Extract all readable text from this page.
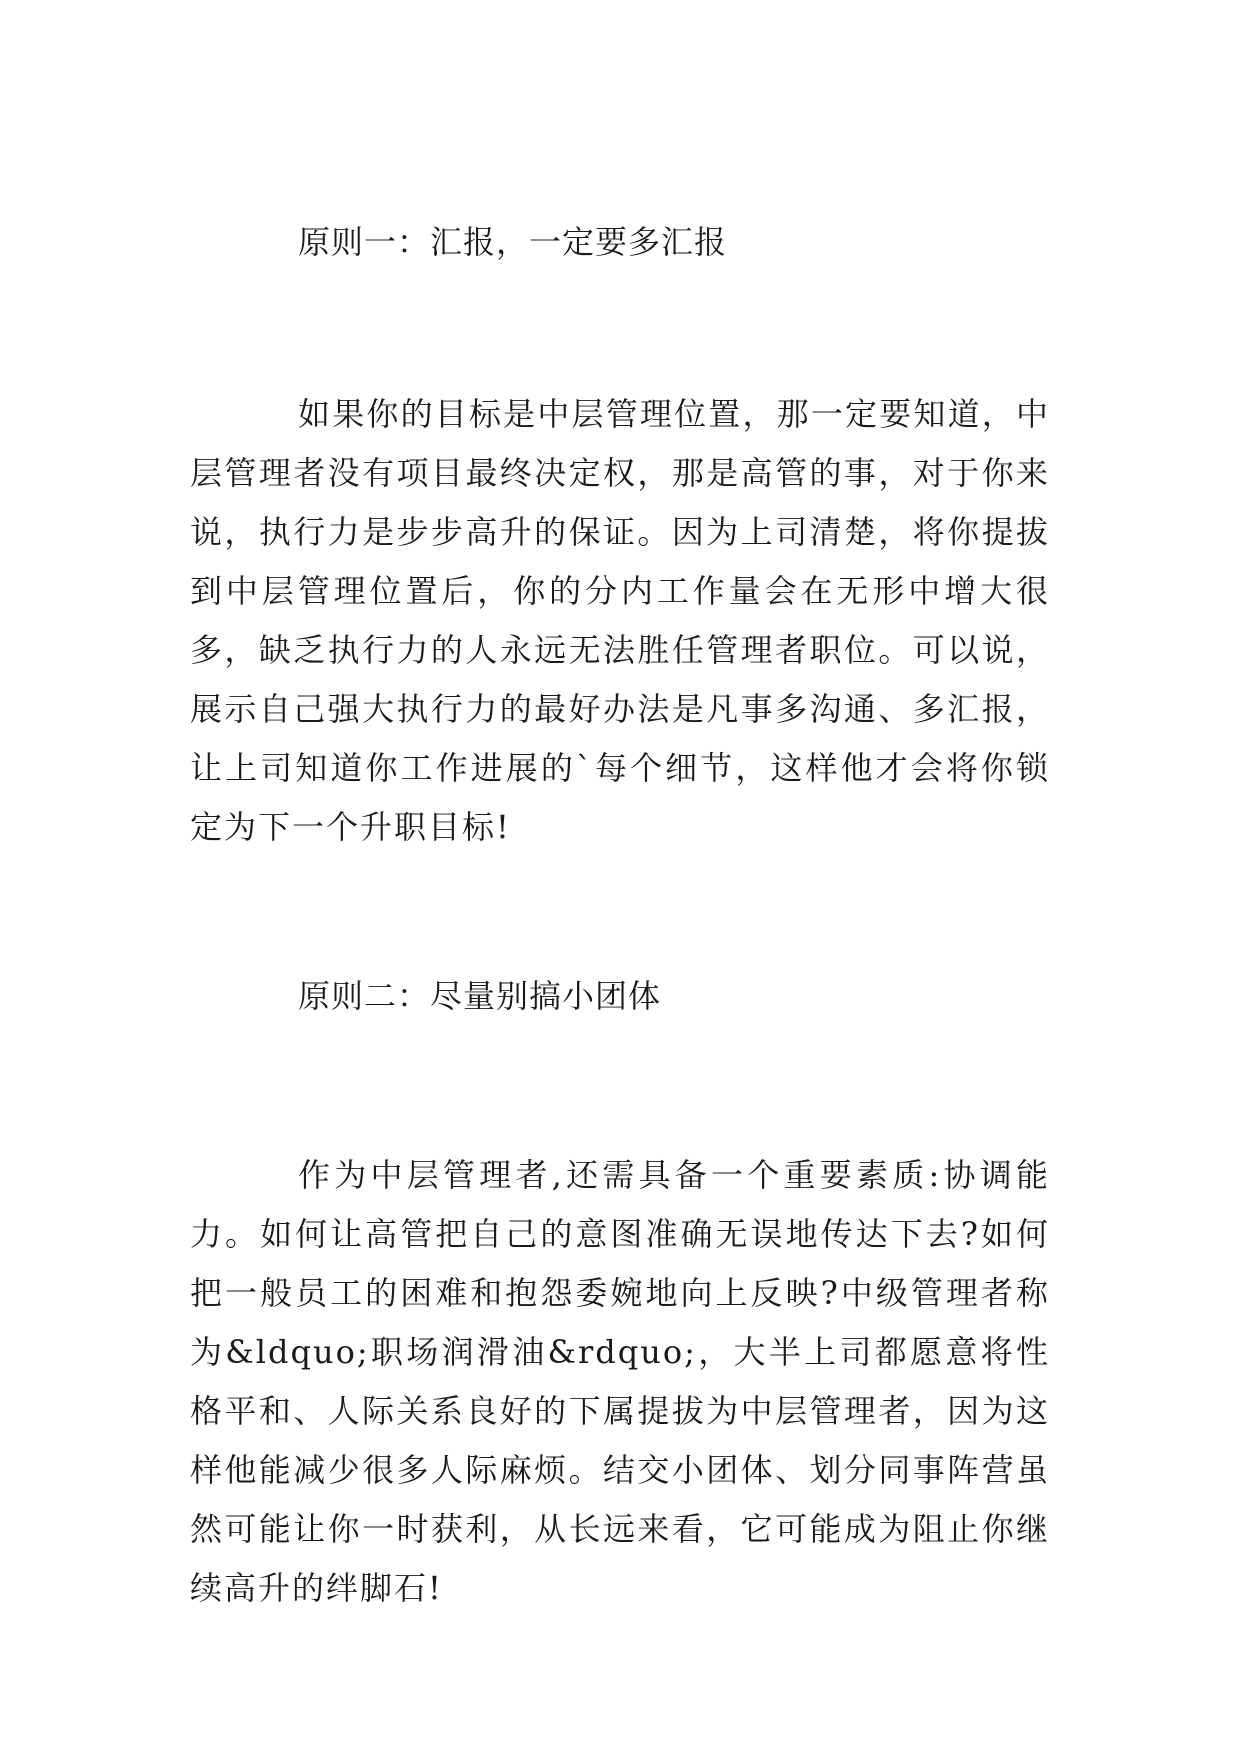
原则一：汇报，一定要多汇报

如果你的目标是中层管理位置，那一定要知道，中层管理者没有项目最终决定权，那是高管的事，对于你来说，执行力是步步高升的保证。因为上司清楚，将你提拔到中层管理位置后，你的分内工作量会在无形中增大很多，缺乏执行力的人永远无法胜任管理者职位。可以说，展示自己强大执行力的最好办法是凡事多沟通、多汇报，让上司知道你工作进展的`每个细节，这样他才会将你锁定为下一个升职目标!

原则二：尽量别搞小团体

作为中层管理者,还需具备一个重要素质:协调能力。如何让高管把自己的意图准确无误地传达下去?如何把一般员工的困难和抱怨委婉地向上反映?中级管理者称为&ldquo;职场润滑油&rdquo;，大半上司都愿意将性格平和、人际关系良好的下属提拔为中层管理者，因为这样他能减少很多人际麻烦。结交小团体、划分同事阵营虽然可能让你一时获利，从长远来看，它可能成为阻止你继续高升的绊脚石!
